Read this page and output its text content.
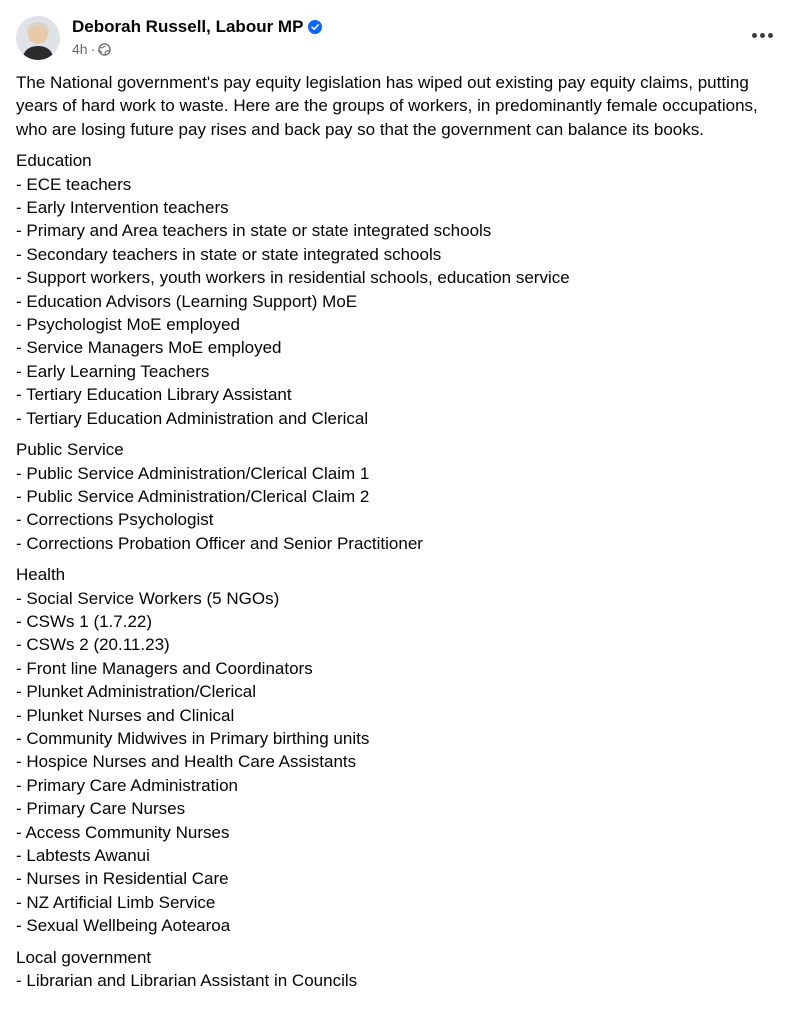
Deborah Russell, Labour MP
4h ·

The National government's pay equity legislation has wiped out existing pay equity claims, putting years of hard work to waste. Here are the groups of workers, in predominantly female occupations, who are losing future pay rises and back pay so that the government can balance its books.

Education
- ECE teachers
- Early Intervention teachers
- Primary and Area teachers in state or state integrated schools
- Secondary teachers in state or state integrated schools
- Support workers, youth workers in residential schools, education service
- Education Advisors (Learning Support) MoE
- Psychologist MoE employed
- Service Managers MoE employed
- Early Learning Teachers
- Tertiary Education Library Assistant
- Tertiary Education Administration and Clerical
Public Service
- Public Service Administration/Clerical Claim 1
- Public Service Administration/Clerical Claim 2
- Corrections Psychologist
- Corrections Probation Officer and Senior Practitioner
Health
- Social Service Workers (5 NGOs)
- CSWs 1 (1.7.22)
- CSWs 2 (20.11.23)
- Front line Managers and Coordinators
- Plunket Administration/Clerical
- Plunket Nurses and Clinical
- Community Midwives in Primary birthing units
- Hospice Nurses and Health Care Assistants
- Primary Care Administration
- Primary Care Nurses
- Access Community Nurses
- Labtests Awanui
- Nurses in Residential Care
- NZ Artificial Limb Service
- Sexual Wellbeing Aotearoa
Local government
- Librarian and Librarian Assistant in Councils
